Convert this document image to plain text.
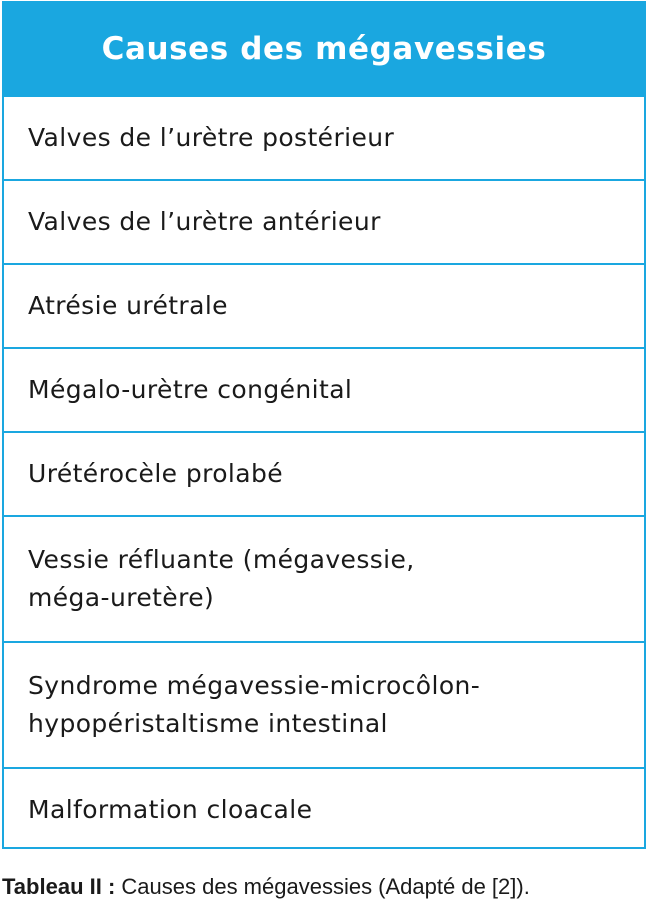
Causes des mégavessies
Valves de l’urètre postérieur
Valves de l’urètre antérieur
Atrésie urétrale
Mégalo-urètre congénital
Urétérocèle prolabé
Vessie réfluante (mégavessie, méga-uretère)
Syndrome mégavessie-microcôlon-hypopéristaltisme intestinal
Malformation cloacale
Tableau II : Causes des mégavessies (Adapté de [2]).
